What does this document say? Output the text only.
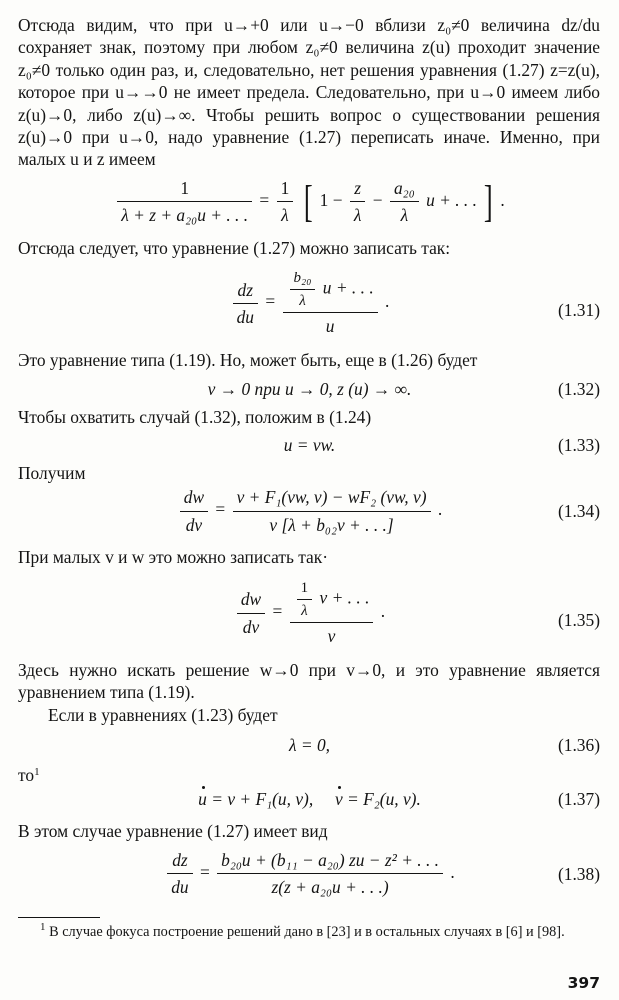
Отсюда видим, что при u→+0 или u→−0 вблизи z₀≠0 величина dz/du сохраняет знак, поэтому при любом z₀≠0 величина z(u) проходит значение z₀≠0 только один раз, и, следовательно, нет решения уравнения (1.27) z=z(u), которое при u→→0 не имеет предела. Следовательно, при u→0 имеем либо z(u)→0, либо z(u)→∞. Чтобы решить вопрос о существовании решения z(u)→0 при u→0, надо уравнение (1.27) переписать иначе. Именно, при малых u и z имеем

$\frac{1}{\text{λ + z + a₂₀u + . . .}} = \frac{1}{\lambda}$ [ $1 - \frac{z}{\lambda} - \frac{\text{a₂₀}}{\lambda}$ u + . . . ] .

Отсюда следует, что уравнение (1.27) можно записать так:

$\frac{dz}{du} = \frac{\frac{\text{b₂₀}}{\lambda} u + . . .}{u}$ .	(1.31)

Это уравнение типа (1.19). Но, может быть, еще в (1.26) будет

v → 0 при u → 0, z (u) → ∞.	(1.32)

Чтобы охватить случай (1.32), положим в (1.24)

u = vw.	(1.33)

Получим

$\frac{dw}{dv} = \frac{\text{v + F₁(vw, v) − wF₂ (vw, v)}}{\text{v [λ + b₀₂v + . . .]}}$ .	(1.34)

При малых v и w это можно записать так·

$\frac{dw}{dv} = \frac{\frac{1}{\lambda} v + . . .}{v}$ .	(1.35)

Здесь нужно искать решение w→0 при v→0, и это уравнение является уравнением типа (1.19).

Если в уравнениях (1.23) будет

λ = 0,	(1.36)
$то^1$
u = v + F₁(u, v), v = F₂(u, v).	(1.37)

В этом случае уравнение (1.27) имеет вид

$\frac{dz}{du} = \frac{\text{b₂₀u + (b₁₁ − a₂₀) zu − z² + . . .}}{\text{z(z + a₂₀u + . . .)}}$ .	(1.38)
$^1$ В случае фокуса построение решений дано в [23] и в остальных случаях в [6] и [98].
397
